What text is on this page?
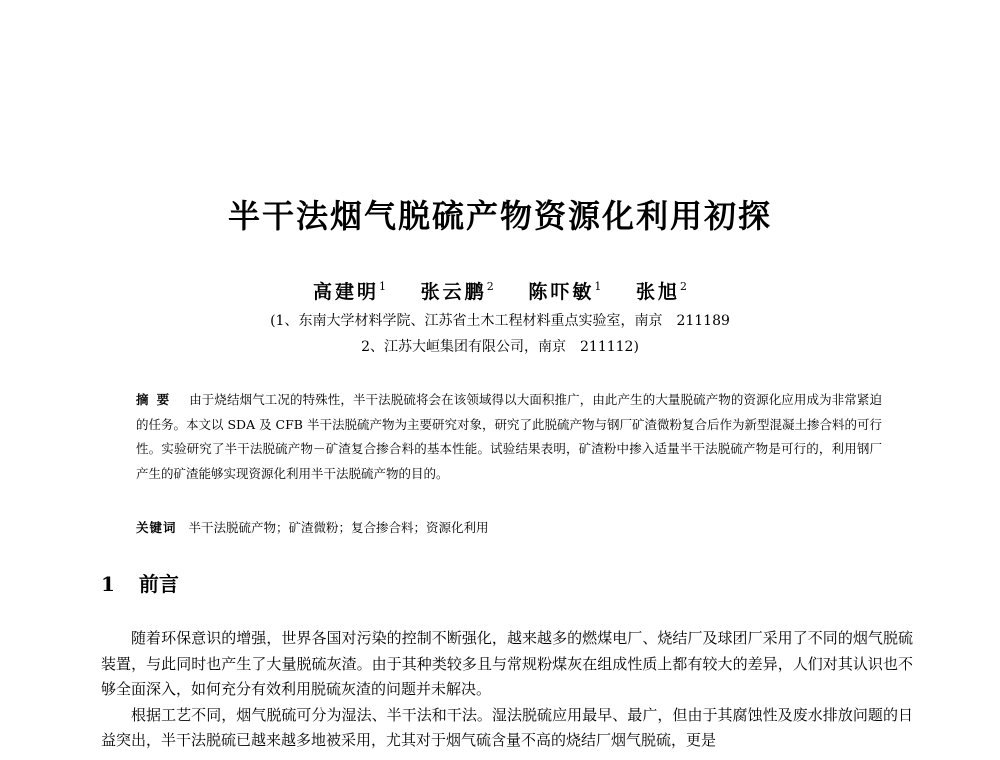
半干法烟气脱硫产物资源化利用初探
高建明$^1$ 张云鹏$^2$ 陈吓敏$^1$ 张旭$^2$
(1、东南大学材料学院、江苏省土木工程材料重点实验室，南京　211189
2、江苏大峘集团有限公司，南京　211112)
摘要 由于烧结烟气工况的特殊性，半干法脱硫将会在该领域得以大面积推广，由此产生的大量脱硫产物的资源化应用成为非常紧迫的任务。本文以 SDA 及 CFB 半干法脱硫产物为主要研究对象，研究了此脱硫产物与钢厂矿渣微粉复合后作为新型混凝土掺合料的可行性。实验研究了半干法脱硫产物－矿渣复合掺合料的基本性能。试验结果表明，矿渣粉中掺入适量半干法脱硫产物是可行的，利用钢厂产生的矿渣能够实现资源化利用半干法脱硫产物的目的。
关键词 半干法脱硫产物；矿渣微粉；复合掺合料；资源化利用
1 前言

随着环保意识的增强，世界各国对污染的控制不断强化，越来越多的燃煤电厂、烧结厂及球团厂采用了不同的烟气脱硫装置，与此同时也产生了大量脱硫灰渣。由于其种类较多且与常规粉煤灰在组成性质上都有较大的差异，人们对其认识也不够全面深入，如何充分有效利用脱硫灰渣的问题并未解决。

根据工艺不同，烟气脱硫可分为湿法、半干法和干法。湿法脱硫应用最早、最广，但由于其腐蚀性及废水排放问题的日益突出，半干法脱硫已越来越多地被采用，尤其对于烟气硫含量不高的烧结厂烟气脱硫，更是
